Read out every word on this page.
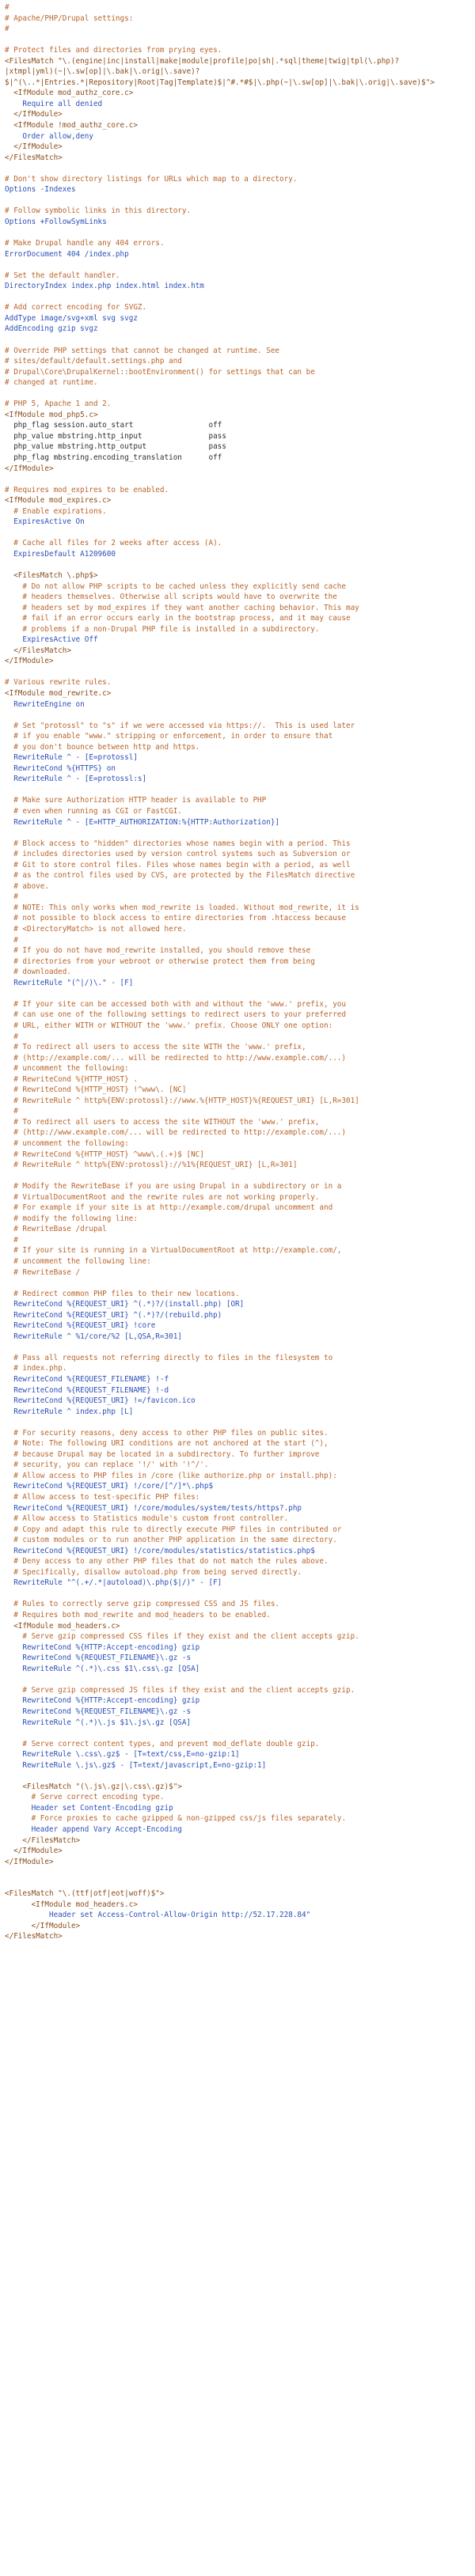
#
# Apache/PHP/Drupal settings:
#
# Protect files and directories from prying eyes.
<FilesMatch "\.(engine|inc|install|make|module|profile|po|sh|.*sql|theme|twig|tpl(\.php)?
|xtmpl|yml)(~|\.sw[op]|\.bak|\.orig|\.save)?
$|^(\..*|Entries.*|Repository|Root|Tag|Template)$|^#.*#$|\.php(~|\.sw[op]|\.bak|\.orig|\.save)$">
<IfModule mod_authz_core.c>
Require all denied
</IfModule>
<IfModule !mod_authz_core.c>
Order allow,deny
</IfModule>
</FilesMatch>
# Don't show directory listings for URLs which map to a directory.
Options -Indexes
# Follow symbolic links in this directory.
Options +FollowSymLinks
# Make Drupal handle any 404 errors.
ErrorDocument 404 /index.php
# Set the default handler.
DirectoryIndex index.php index.html index.htm
# Add correct encoding for SVGZ.
AddType image/svg+xml svg svgz
AddEncoding gzip svgz
# Override PHP settings that cannot be changed at runtime. See
# sites/default/default.settings.php and
# Drupal\Core\DrupalKernel::bootEnvironment() for settings that can be
# changed at runtime.
# PHP 5, Apache 1 and 2.
<IfModule mod_php5.c>
php_flag session.auto_start                 off
php_value mbstring.http_input               pass
php_value mbstring.http_output              pass
php_flag mbstring.encoding_translation      off
</IfModule>
# Requires mod_expires to be enabled.
<IfModule mod_expires.c>
# Enable expirations.
ExpiresActive On
# Cache all files for 2 weeks after access (A).
ExpiresDefault A1209600
<FilesMatch \.php$>
# Do not allow PHP scripts to be cached unless they explicitly send cache
# headers themselves. Otherwise all scripts would have to overwrite the
# headers set by mod_expires if they want another caching behavior. This may
# fail if an error occurs early in the bootstrap process, and it may cause
# problems if a non-Drupal PHP file is installed in a subdirectory.
ExpiresActive Off
</FilesMatch>
</IfModule>
# Various rewrite rules.
<IfModule mod_rewrite.c>
RewriteEngine on
# Set "protossl" to "s" if we were accessed via https://.  This is used later
# if you enable "www." stripping or enforcement, in order to ensure that
# you don't bounce between http and https.
RewriteRule ^ - [E=protossl]
RewriteCond %{HTTPS} on
RewriteRule ^ - [E=protossl:s]
# Make sure Authorization HTTP header is available to PHP
# even when running as CGI or FastCGI.
RewriteRule ^ - [E=HTTP_AUTHORIZATION:%{HTTP:Authorization}]
# Block access to "hidden" directories whose names begin with a period. This
# includes directories used by version control systems such as Subversion or
# Git to store control files. Files whose names begin with a period, as well
# as the control files used by CVS, are protected by the FilesMatch directive
# above.
#
# NOTE: This only works when mod_rewrite is loaded. Without mod_rewrite, it is
# not possible to block access to entire directories from .htaccess because
# <DirectoryMatch> is not allowed here.
#
# If you do not have mod_rewrite installed, you should remove these
# directories from your webroot or otherwise protect them from being
# downloaded.
RewriteRule "(^|/)\." - [F]
# If your site can be accessed both with and without the 'www.' prefix, you
# can use one of the following settings to redirect users to your preferred
# URL, either WITH or WITHOUT the 'www.' prefix. Choose ONLY one option:
#
# To redirect all users to access the site WITH the 'www.' prefix,
# (http://example.com/... will be redirected to http://www.example.com/...)
# uncomment the following:
# RewriteCond %{HTTP_HOST} .
# RewriteCond %{HTTP_HOST} !^www\. [NC]
# RewriteRule ^ http%{ENV:protossl}://www.%{HTTP_HOST}%{REQUEST_URI} [L,R=301]
#
# To redirect all users to access the site WITHOUT the 'www.' prefix,
# (http://www.example.com/... will be redirected to http://example.com/...)
# uncomment the following:
# RewriteCond %{HTTP_HOST} ^www\.(.+)$ [NC]
# RewriteRule ^ http%{ENV:protossl}://%1%{REQUEST_URI} [L,R=301]
# Modify the RewriteBase if you are using Drupal in a subdirectory or in a
# VirtualDocumentRoot and the rewrite rules are not working properly.
# For example if your site is at http://example.com/drupal uncomment and
# modify the following line:
# RewriteBase /drupal
#
# If your site is running in a VirtualDocumentRoot at http://example.com/,
# uncomment the following line:
# RewriteBase /
# Redirect common PHP files to their new locations.
RewriteCond %{REQUEST_URI} ^(.*)?/(install.php) [OR]
RewriteCond %{REQUEST_URI} ^(.*)?/(rebuild.php)
RewriteCond %{REQUEST_URI} !core
RewriteRule ^ %1/core/%2 [L,QSA,R=301]
# Pass all requests not referring directly to files in the filesystem to
# index.php.
RewriteCond %{REQUEST_FILENAME} !-f
RewriteCond %{REQUEST_FILENAME} !-d
RewriteCond %{REQUEST_URI} !=/favicon.ico
RewriteRule ^ index.php [L]
# For security reasons, deny access to other PHP files on public sites.
# Note: The following URI conditions are not anchored at the start (^),
# because Drupal may be located in a subdirectory. To further improve
# security, you can replace '!/' with '!^/'.
# Allow access to PHP files in /core (like authorize.php or install.php):
RewriteCond %{REQUEST_URI} !/core/[^/]*\.php$
# Allow access to test-specific PHP files:
RewriteCond %{REQUEST_URI} !/core/modules/system/tests/https?.php
# Allow access to Statistics module's custom front controller.
# Copy and adapt this rule to directly execute PHP files in contributed or
# custom modules or to run another PHP application in the same directory.
RewriteCond %{REQUEST_URI} !/core/modules/statistics/statistics.php$
# Deny access to any other PHP files that do not match the rules above.
# Specifically, disallow autoload.php from being served directly.
RewriteRule "^(.+/.*|autoload)\.php($|/)" - [F]
# Rules to correctly serve gzip compressed CSS and JS files.
# Requires both mod_rewrite and mod_headers to be enabled.
<IfModule mod_headers.c>
# Serve gzip compressed CSS files if they exist and the client accepts gzip.
RewriteCond %{HTTP:Accept-encoding} gzip
RewriteCond %{REQUEST_FILENAME}\.gz -s
RewriteRule ^(.*)\.css $1\.css\.gz [QSA]
# Serve gzip compressed JS files if they exist and the client accepts gzip.
RewriteCond %{HTTP:Accept-encoding} gzip
RewriteCond %{REQUEST_FILENAME}\.gz -s
RewriteRule ^(.*)\.js $1\.js\.gz [QSA]
# Serve correct content types, and prevent mod_deflate double gzip.
RewriteRule \.css\.gz$ - [T=text/css,E=no-gzip:1]
RewriteRule \.js\.gz$ - [T=text/javascript,E=no-gzip:1]
<FilesMatch "(\.js\.gz|\.css\.gz)$">
# Serve correct encoding type.
Header set Content-Encoding gzip
# Force proxies to cache gzipped & non-gzipped css/js files separately.
Header append Vary Accept-Encoding
</FilesMatch>
</IfModule>
</IfModule>
<FilesMatch "\.(ttf|otf|eot|woff)$">
<IfModule mod_headers.c>
Header set Access-Control-Allow-Origin http://52.17.228.84"
</IfModule>
</FilesMatch>
